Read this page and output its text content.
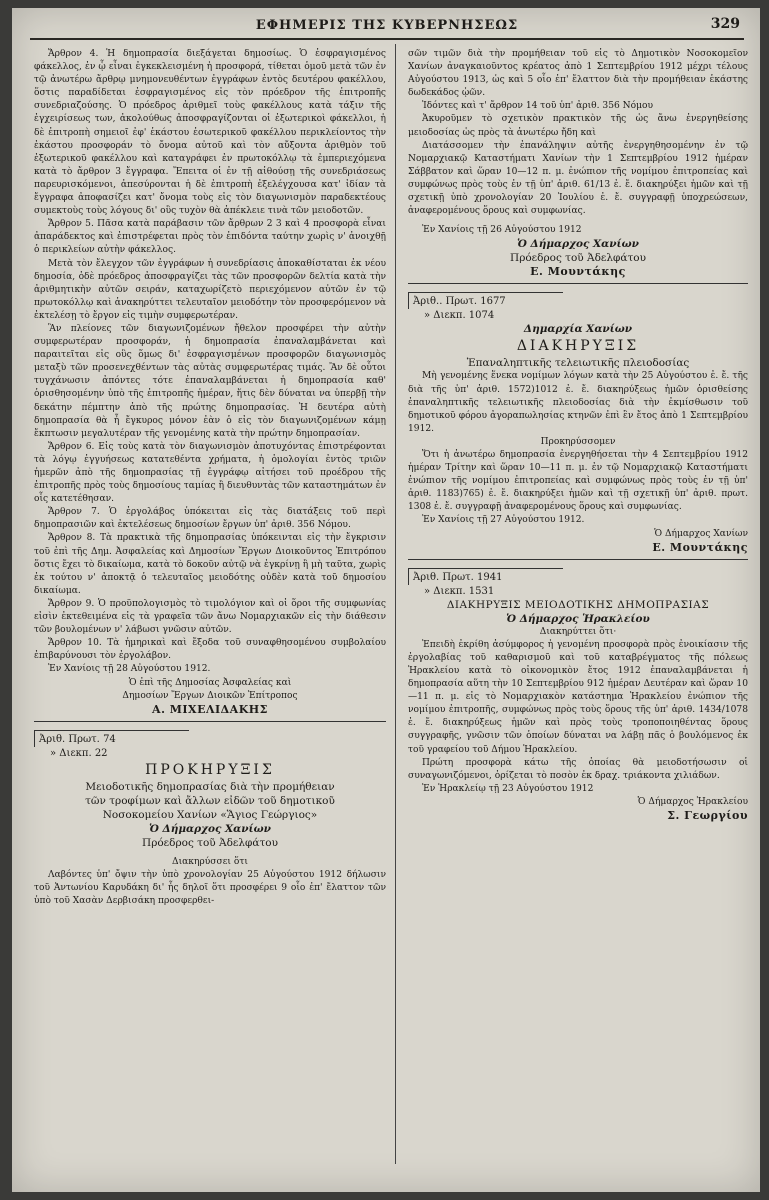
ΕΦΗΜΕΡΙΣ ΤΗΣ ΚΥΒΕΡΝΗΣΕΩΣ	329

Ἄρθρον 4. Ἡ δημοπρασία διεξάγεται δημοσίως. Ὁ ἐσφραγισμένος φάκελλος, ἐν ᾧ εἶναι ἐγκεκλεισμένη ἡ προσφορά, τίθεται ὁμοῦ μετὰ τῶν ἐν τῷ ἀνωτέρω ἄρθρῳ μνημονευθέντων ἐγγράφων ἐντὸς δευτέρου φακέλλου, ὅστις παραδίδεται ἐσφραγισμένος εἰς τὸν πρόεδρον τῆς ἐπιτροπῆς συνεδριαζούσης. Ὁ πρόεδρος ἀριθμεῖ τοὺς φακέλλους κατὰ τάξιν τῆς ἐγχειρίσεως των, ἀκολούθως ἀποσφραγίζονται οἱ ἐξωτερικοὶ φάκελλοι, ἡ δὲ ἐπιτροπὴ σημειοῖ ἐφ' ἑκάστου ἐσωτερικοῦ φακέλλου περικλείοντος τὴν ἑκάστου προσφοράν τὸ ὄνομα αὐτοῦ καὶ τὸν αὔξοντα ἀριθμὸν τοῦ ἐξωτερικοῦ φακέλλου καὶ καταγράφει ἐν πρωτοκόλλῳ τὰ ἐμπεριεχόμενα κατὰ τὸ ἄρθρον 3 ἔγγραφα. Ἔπειτα οἱ ἐν τῇ αἰθούσῃ τῆς συνεδριάσεως παρευρισκόμενοι, ἀπεσύρονται ἡ δὲ ἐπιτροπὴ ἐξελέγχουσα κατ' ἰδίαν τὰ ἔγγραφα ἀποφασίζει κατ' ὄνομα τοὺς εἰς τὸν διαγωνισμὸν παραδεκτέους συμεκτοὺς τοὺς λόγους δι' οὓς τυχὸν θὰ ἀπέκλειε τινὰ τῶν μειοδοτῶν.

Ἄρθρον 5. Πᾶσα κατὰ παράβασιν τῶν ἄρθρων 2 3 καὶ 4 προσφορὰ εἶναι ἀπαράδεκτος καὶ ἐπιστρέφεται πρὸς τὸν ἐπιδόντα ταύτην χωρὶς ν' ἀνοιχθῇ ὁ περικλείων αὐτὴν φάκελλος.

Μετὰ τὸν ἔλεγχον τῶν ἐγγράφων ἡ συνεδρίασις ἀποκαθίσταται ἐκ νέου δημοσία, ὁδὲ πρόεδρος ἀποσφραγίζει τὰς τῶν προσφορῶν δελτία κατὰ τὴν ἀριθμητικὴν αὐτῶν σειράν, καταχωρίζετὸ περιεχόμενον αὐτῶν ἐν τῷ πρωτοκόλλῳ καὶ ἀνακηρύττει τελευταῖον μειοδότην τὸν προσφερόμενον νὰ ἐκτελέσῃ τὸ ἔργον εἰς τιμὴν συμφερωτέραν.

Ἂν πλείονες τῶν διαγωνιζομένων ἤθελον προσφέρει τὴν αὐτὴν συμφερωτέραν προσφοράν, ἡ δημοπρασία ἐπαναλαμβάνεται καὶ παραιτεῖται εἰς οὓς ὅμως δι' ἐσφραγισμένων προσφορῶν διαγωνισμὸς μεταξὺ τῶν προσενεχθέντων τὰς αὐτὰς συμφερωτέρας τιμάς. Ἂν δὲ οὗτοι τυγχάνωσιν ἀπόντες τότε ἐπαναλαμβάνεται ἡ δημοπρασία καθ' ὁρισθησομένην ὑπὸ τῆς ἐπιτροπῆς ἡμέραν, ἥτις δὲν δύναται να ὑπερβῇ τὴν δεκάτην πέμπτην ἀπὸ τῆς πρώτης δημοπρασίας. Ἡ δευτέρα αὐτὴ δημοπρασία θὰ ἦ ἔγκυρος μόνον ἐὰν ὁ εἰς τὸν διαγωνιζομένων κάμῃ ἔκπτωσιν μεγαλυτέραν τῆς γενομένης κατὰ τὴν πρώτην δημοπρασίαν.

Ἄρθρον 6. Εἰς τοὺς κατὰ τὸν διαγωνισμὸν ἀποτυχόντας ἐπιστρέφονται τὰ λόγῳ ἐγγυήσεως κατατεθέντα χρήματα, ἡ ὁμολογίαι ἐντὸς τριῶν ἡμερῶν ἀπὸ τῆς δημοπρασίας τῇ ἐγγράφῳ αἰτήσει τοῦ προέδρου τῆς ἐπιτροπῆς πρὸς τοὺς δημοσίους ταμίας ἢ διευθυντὰς τῶν καταστημάτων ἐν οἷς κατετέθησαν.

Ἄρθρον 7. Ὁ ἐργολάβος ὑπόκειται εἰς τὰς διατάξεις τοῦ περὶ δημοπρασιῶν καὶ ἐκτελέσεως δημοσίων ἔργων ὑπ' ἀριθ. 356 Νόμου.

Ἄρθρον 8. Τὰ πρακτικὰ τῆς δημοπρασίας ὑπόκεινται εἰς τὴν ἔγκρισιν τοῦ ἐπὶ τῆς Δημ. Ἀσφαλείας καὶ Δημοσίων Ἔργων Διοικοῦντος Ἐπιτρόπου ὅστις ἔχει τὸ δικαίωμα, κατὰ τὸ δοκοῦν αὐτῷ νὰ ἐγκρίνῃ ἢ μὴ ταῦτα, χωρὶς ἐκ τούτου ν' ἀποκτᾷ ὁ τελευταῖος μειοδότης οὐδὲν κατὰ τοῦ δημοσίου δικαίωμα.

Ἄρθρον 9. Ὁ προϋπολογισμὸς τὸ τιμολόγιον καὶ οἱ ὅροι τῆς συμφωνίας εἰσὶν ἐκτεθειμένα εἰς τὰ γραφεῖα τῶν ἄνω Νομαρχιακῶν εἰς τὴν διάθεσιν τῶν βουλομένων ν' λάβωσι γνῶσιν αὐτῶν.

Ἄρθρον 10. Τὰ ἠμηρικαὶ καὶ ἔξοδα τοῦ συναφθησομένου συμβολαίου ἐπιβαρύνουσι τὸν ἐργολάβον.

Ἐν Χανίοις τῇ 28 Αὐγούστου 1912.

Ὁ ἐπὶ τῆς Δημοσίας Ἀσφαλείας καὶ

Δημοσίων Ἔργων Διοικῶν Ἐπίτροπος

Α. ΜΙΧΕΛΙΔΑΚΗΣ

Ἀριθ. Πρωτ. 74
» Διεκπ. 22

ΠΡΟΚΗΡΥΞΙΣ

Μειοδοτικῆς δημοπρασίας διὰ τὴν προμήθειαν

τῶν τροφίμων καὶ ἄλλων εἰδῶν τοῦ δημοτικοῦ

Νοσοκομείου Χανίων «Ἅγιος Γεώργιος»

Ὁ Δήμαρχος Χανίων

Πρόεδρος τοῦ Ἀδελφάτου

Διακηρύσσει ὅτι

Λαβόντες ὑπ' ὄψιν τὴν ὑπὸ χρονολογίαν 25 Αὐγούστου 1912 δήλωσιν τοῦ Ἀντωνίου Καρυδάκη δι' ἧς δηλοῖ ὅτι προσφέρει 9 οἷο ἐπ' ἔλαττον τῶν ὑπὸ τοῦ Χασὰν Δερβισάκη προσφερθει-

σῶν τιμῶν διὰ τὴν προμήθειαν τοῦ εἰς τὸ Δημοτικὸν Νοσοκομεῖον Χανίων ἀναγκαιοῦντος κρέατος ἀπὸ 1 Σεπτεμβρίου 1912 μέχρι τέλους Αὐγούστου 1913, ὡς καὶ 5 οἷο ἐπ' ἔλαττον διὰ τὴν προμήθειαν ἑκάστης δωδεκάδος ᾠῶν.

Ἰδόντες καὶ τ' ἄρθρον 14 τοῦ ὑπ' ἀριθ. 356 Νόμου

Ἀκυροῦμεν τὸ σχετικὸν πρακτικὸν τῆς ὡς ἄνω ἐνεργηθείσης μειοδοσίας ὡς πρὸς τὰ ἀνωτέρω ἤδη καὶ

Διατάσσομεν τὴν ἐπανάληψιν αὐτῆς ἐνεργηθησομένην ἐν τῷ Νομαρχιακῷ Καταστήματι Χανίων τὴν 1 Σεπτεμβρίου 1912 ἡμέραν Σάββατον καὶ ὥραν 10—12 π. μ. ἐνώπιον τῆς νομίμου ἐπιτροπείας καὶ συμφώνως πρὸς τοὺς ἐν τῇ ὑπ' ἀριθ. 61/13 ἐ. ἔ. διακηρύξει ἡμῶν καὶ τῇ σχετικῇ ὑπὸ χρονολογίαν 20 Ἰουλίου ἐ. ἔ. συγγραφῇ ὑποχρεώσεων, ἀναφερομένους ὅρους καὶ συμφωνίας.

Ἐν Χανίοις τῇ 26 Αὐγούστου 1912

Ὁ Δήμαρχος Χανίων

Πρόεδρος τοῦ Ἀδελφάτου

Ε. Μουντάκης

Ἀριθ.. Πρωτ. 1677
» Διεκπ. 1074

Δημαρχία Χανίων

ΔΙΑΚΗΡΥΞΙΣ

Ἐπαναληπτικῆς τελειωτικῆς πλειοδοσίας

Μὴ γενομένης ἕνεκα νομίμων λόγων κατὰ τὴν 25 Αὐγούστου ἐ. ἔ. τῆς διὰ τῆς ὑπ' ἀριθ. 1572)1012 ἐ. ἔ. διακηρύξεως ἡμῶν ὁρισθείσης ἐπαναληπτικῆς τελειωτικῆς πλειοδοσίας διὰ τὴν ἐκμίσθωσιν τοῦ δημοτικοῦ φόρου ἀγοραπωλησίας κτηνῶν ἐπὶ ἓν ἔτος ἀπὸ 1 Σεπτεμβρίου 1912.

Προκηρύσσομεν

Ὅτι ἡ ἀνωτέρω δημοπρασία ἐνεργηθήσεται τὴν 4 Σεπτεμβρίου 1912 ἡμέραν Τρίτην καὶ ὥραν 10—11 π. μ. ἐν τῷ Νομαρχιακῷ Καταστήματι ἐνώπιον τῆς νομίμου ἐπιτροπείας καὶ συμφώνως πρὸς τοὺς ἐν τῇ ὑπ' ἀριθ. 1183)765) ἐ. ἔ. διακηρύξει ἡμῶν καὶ τῇ σχετικῇ ὑπ' ἀριθ. πρωτ. 1308 ἐ. ἔ. συγγραφῇ ἀναφερομένους ὅρους καὶ συμφωνίας.

Ἐν Χανίοις τῇ 27 Αὐγούστου 1912.

Ὁ Δήμαρχος Χανίων

Ε. Μουντάκης

Ἀριθ. Πρωτ. 1941
» Διεκπ. 1531

ΔΙΑΚΗΡΥΞΙΣ ΜΕΙΟΔΟΤΙΚΗΣ ΔΗΜΟΠΡΑΣΙΑΣ

Ὁ Δήμαρχος Ἡρακλείου

Διακηρύττει ὅτι·

Ἐπειδὴ ἐκρίθη ἀσύμφορος ἡ γενομένη προσφορὰ πρὸς ἐνοικίασιν τῆς ἐργολαβίας τοῦ καθαρισμοῦ καὶ τοῦ καταβρέγματος τῆς πόλεως Ἡρακλείου κατὰ τὸ οἰκονομικὸν ἔτος 1912 ἐπαναλαμβάνεται ἡ δημοπρασία αὕτη τὴν 10 Σεπτεμβρίου 912 ἡμέραν Δευτέραν καὶ ὥραν 10—11 π. μ. εἰς τὸ Νομαρχιακὸν κατάστημα Ἡρακλείου ἐνώπιον τῆς νομίμου ἐπιτροπῆς, συμφώνως πρὸς τοὺς ὅρους τῆς ὑπ' ἀριθ. 1434/1078 ἐ. ἔ. διακηρύξεως ἡμῶν καὶ πρὸς τοὺς τροποποιηθέντας ὅρους συγγραφῆς, γνῶσιν τῶν ὁποίων δύναται να λάβῃ πᾶς ὁ βουλόμενος ἐκ τοῦ γραφείου τοῦ Δήμου Ἡρακλείου.

Πρώτη προσφορὰ κάτω τῆς ὁποίας θὰ μειοδοτήσωσιν οἱ συναγωνιζόμενοι, ὁρίζεται τὸ ποσὸν ἐκ δραχ. τριάκοντα χιλιάδων.

Ἐν Ἡρακλείῳ τῇ 23 Αὐγούστου 1912

Ὁ Δήμαρχος Ἡρακλείου

Σ. Γεωργίου
